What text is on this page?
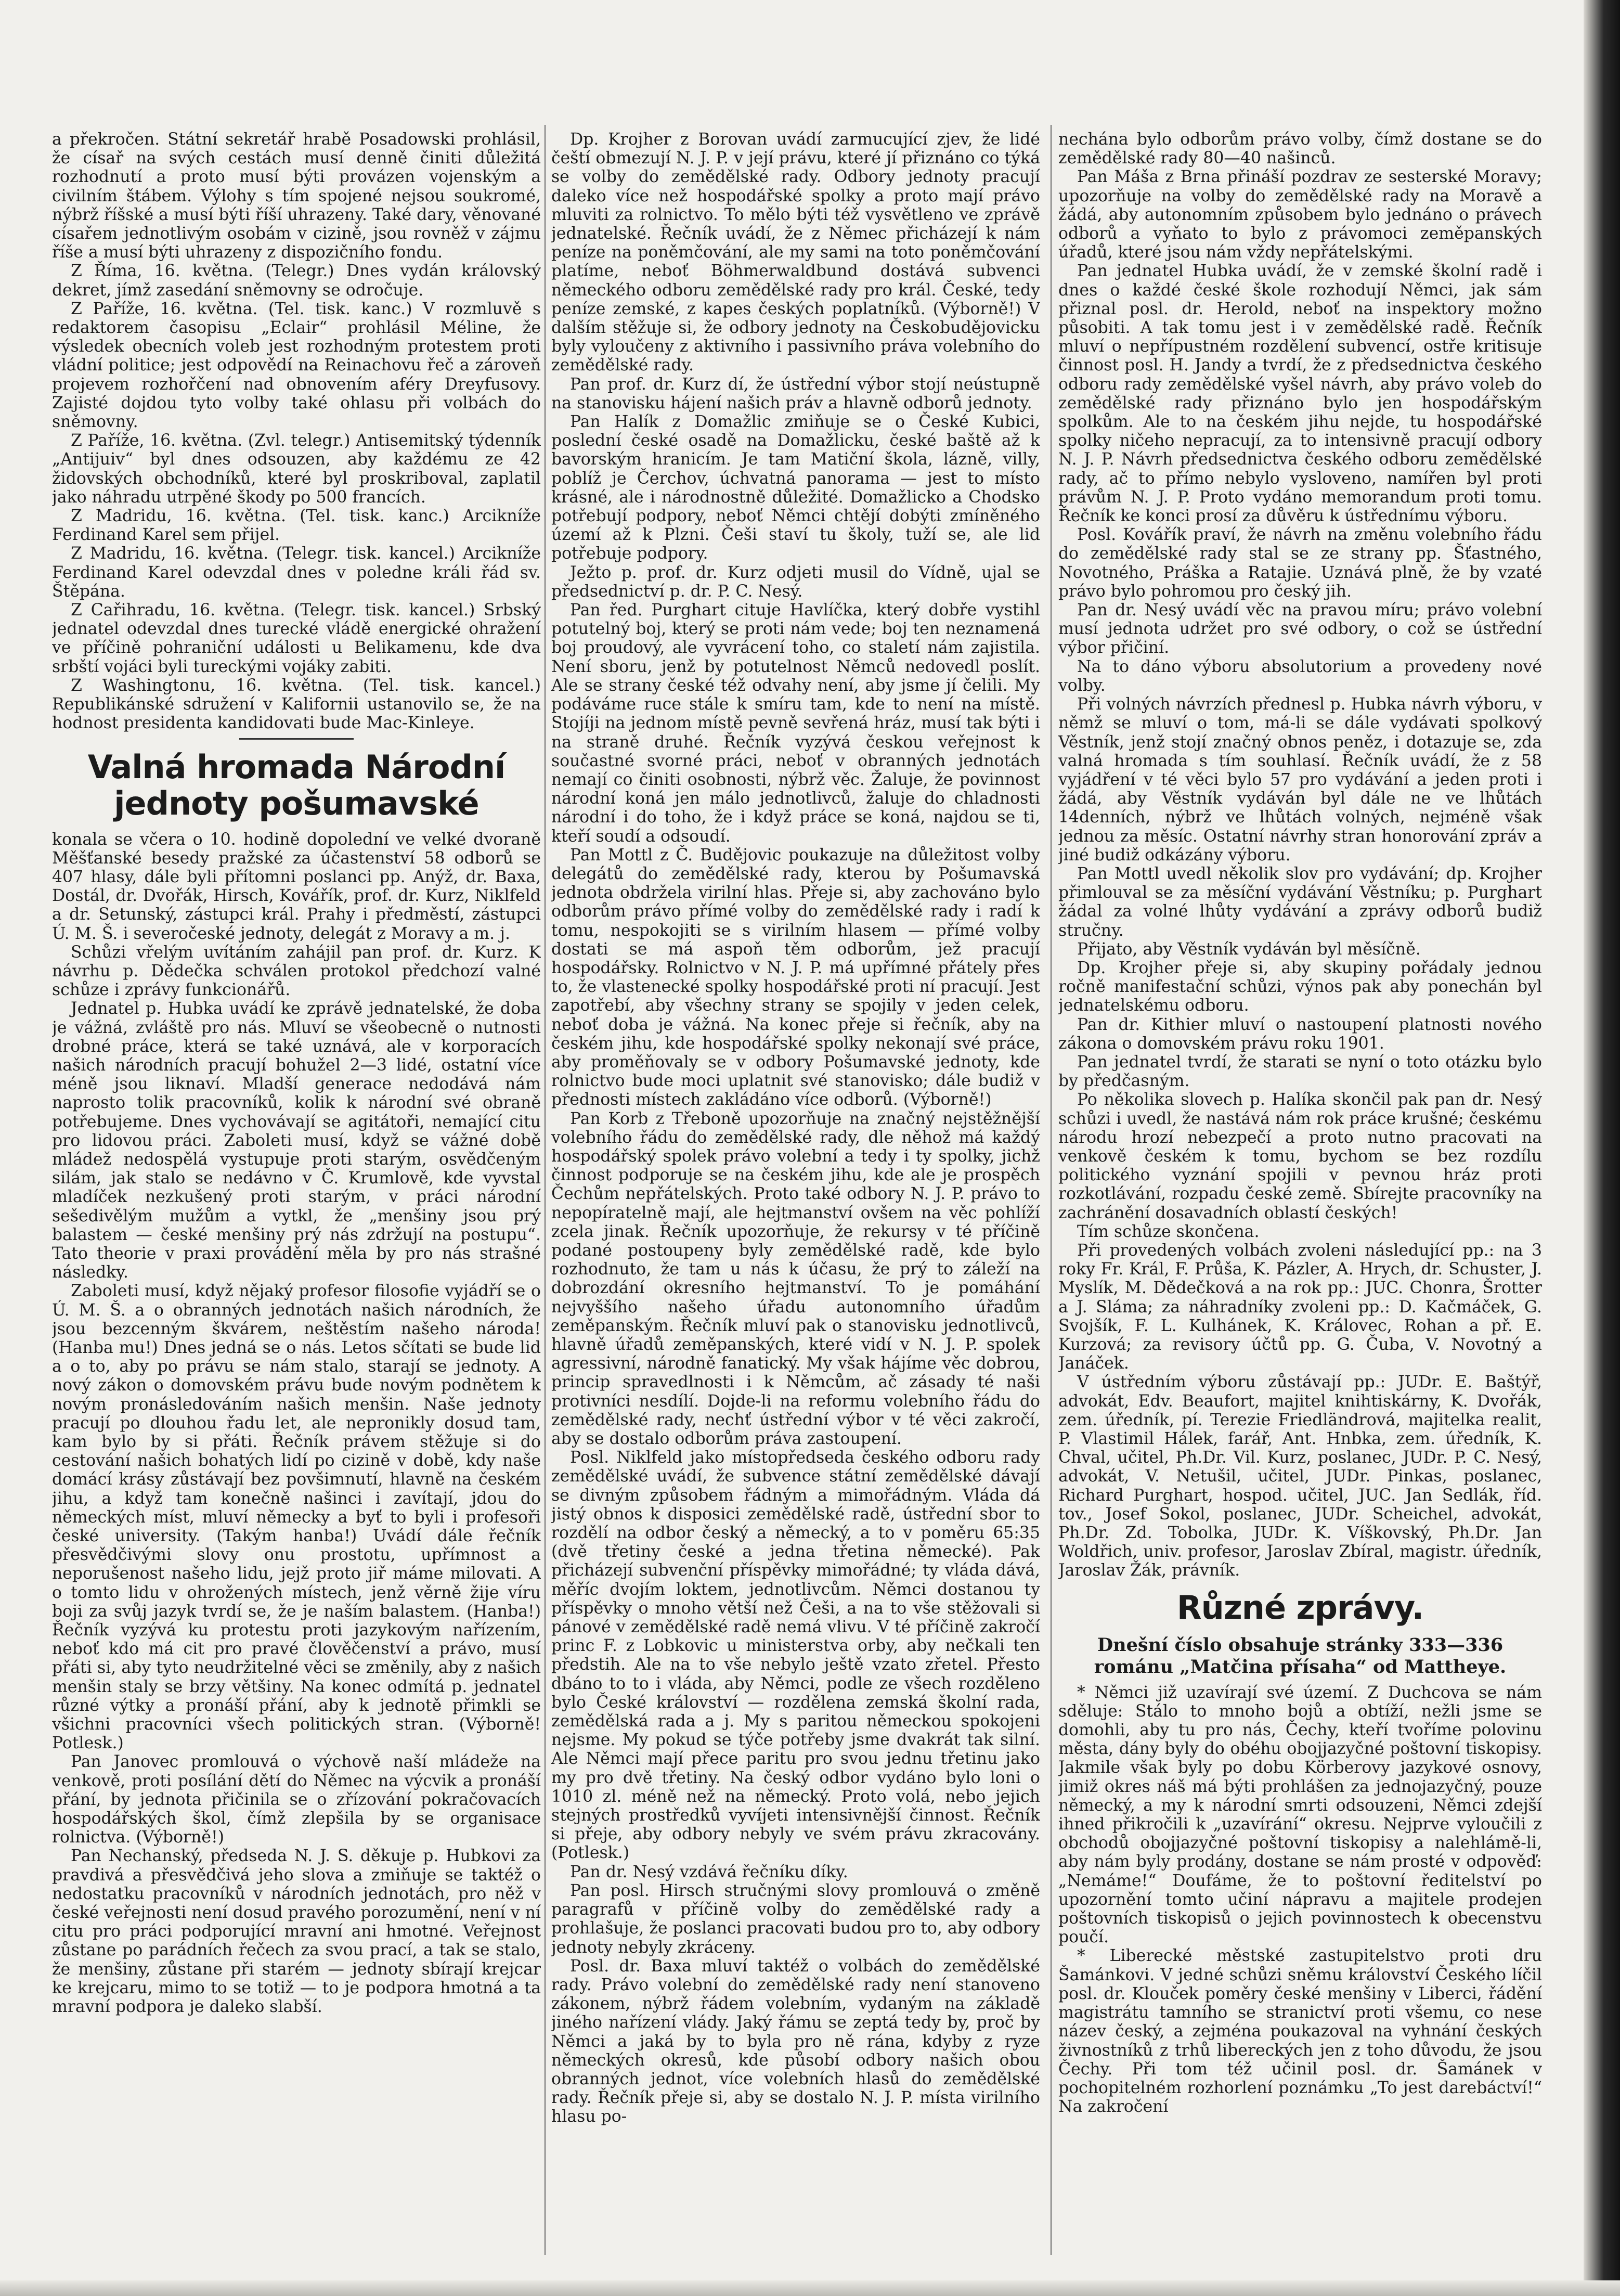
a překročen. Státní sekretář hrabě Posadowski prohlásil, že císař na svých cestách musí denně činiti důležitá rozhodnutí a proto musí býti provázen vojenským a civilním štábem. Výlohy s tím spojené nejsou soukromé, nýbrž říšské a musí býti říší uhrazeny. Také dary, věnované císařem jednotlivým osobám v cizině, jsou rovněž v zájmu říše a musí býti uhrazeny z dispozičního fondu.

Z Říma, 16. května. (Telegr.) Dnes vydán královský dekret, jímž zasedání sněmovny se odročuje.

Z Paříže, 16. května. (Tel. tisk. kanc.) V rozmluvě s redaktorem časopisu „Eclair“ prohlásil Méline, že výsledek obecních voleb jest rozhodným protestem proti vládní politice; jest odpovědí na Reinachovu řeč a zároveň projevem rozhořčení nad obnovením aféry Dreyfusovy. Zajisté dojdou tyto volby také ohlasu při volbách do sněmovny.

Z Paříže, 16. května. (Zvl. telegr.) Antisemitský týdenník „Antijuiv“ byl dnes odsouzen, aby každému ze 42 židovských obchodníků, které byl proskriboval, zaplatil jako náhradu utrpěné škody po 500 francích.

Z Madridu, 16. května. (Tel. tisk. kanc.) Arcikníže Ferdinand Karel sem přijel.

Z Madridu, 16. května. (Telegr. tisk. kancel.) Arcikníže Ferdinand Karel odevzdal dnes v poledne králi řád sv. Štěpána.

Z Cařihradu, 16. května. (Telegr. tisk. kancel.) Srbský jednatel odevzdal dnes turecké vládě energické ohražení ve příčině pohraniční události u Belikamenu, kde dva srbští vojáci byli tureckými vojáky zabiti.

Z Washingtonu, 16. května. (Tel. tisk. kancel.) Republikánské sdružení v Kalifornii ustanovilo se, že na hodnost presidenta kandidovati bude Mac-Kinleye.

Valná hromada Národní jednoty pošumavské

konala se včera o 10. hodině dopolední ve velké dvoraně Měšťanské besedy pražské za účastenství 58 odborů se 407 hlasy, dále byli přítomni poslanci pp. Anýž, dr. Baxa, Dostál, dr. Dvořák, Hirsch, Kovářík, prof. dr. Kurz, Niklfeld a dr. Setunský, zástupci král. Prahy i předměstí, zástupci Ú. M. Š. i severočeské jednoty, delegát z Moravy a m. j.

Schůzi vřelým uvítáním zahájil pan prof. dr. Kurz. K návrhu p. Dědečka schválen protokol předchozí valné schůze i zprávy funkcionářů.

Jednatel p. Hubka uvádí ke zprávě jednatelské, že doba je vážná, zvláště pro nás. Mluví se všeobecně o nutnosti drobné práce, která se také uznává, ale v korporacích našich národních pracují bohužel 2—3 lidé, ostatní více méně jsou liknaví. Mladší generace nedodává nám naprosto tolik pracovníků, kolik k národní své obraně potřebujeme. Dnes vychovávají se agitátoři, nemající citu pro lidovou práci. Zaboleti musí, když se vážné době mládež nedospělá vystupuje proti starým, osvědčeným silám, jak stalo se nedávno v Č. Krumlově, kde vyvstal mladíček nezkušený proti starým, v práci národní sešedivělým mužům a vytkl, že „menšiny jsou prý balastem — české menšiny prý nás zdržují na postupu“. Tato theorie v praxi provádění měla by pro nás strašné následky.

Zaboleti musí, když nějaký profesor filosofie vyjádří se o Ú. M. Š. a o obranných jednotách našich národních, že jsou bezcenným škvárem, neštěstím našeho národa! (Hanba mu!) Dnes jedná se o nás. Letos sčítati se bude lid a o to, aby po právu se nám stalo, starají se jednoty. A nový zákon o domovském právu bude novým podnětem k novým pronásledováním našich menšin. Naše jednoty pracují po dlouhou řadu let, ale nepronikly dosud tam, kam bylo by si přáti. Řečník právem stěžuje si do cestování našich bohatých lidí po cizině v době, kdy naše domácí krásy zůstávají bez povšimnutí, hlavně na českém jihu, a když tam konečně našinci i zavítají, jdou do německých míst, mluví německy a byť to byli i profesoři české university. (Takým hanba!) Uvádí dále řečník přesvědčivými slovy onu prostotu, upřímnost a neporušenost našeho lidu, jejž proto jiř máme milovati. A o tomto lidu v ohrožených místech, jenž věrně žije víru boji za svůj jazyk tvrdí se, že je naším balastem. (Hanba!) Řečník vyzývá ku protestu proti jazykovým nařízením, neboť kdo má cit pro pravé člověčenství a právo, musí přáti si, aby tyto neudržitelné věci se změnily, aby z našich menšin staly se brzy většiny. Na konec odmítá p. jednatel různé výtky a pronáší přání, aby k jednotě přimkli se všichni pracovníci všech politických stran. (Výborně! Potlesk.)

Pan Janovec promlouvá o výchově naší mládeže na venkově, proti posílání dětí do Němec na výcvik a pronáší přání, by jednota přičinila se o zřízování pokračovacích hospodářských škol, čímž zlepšila by se organisace rolnictva. (Výborně!)

Pan Nechanský, předseda N. J. S. děkuje p. Hubkovi za pravdivá a přesvědčivá jeho slova a zmiňuje se taktéž o nedostatku pracovníků v národních jednotách, pro něž v české veřejnosti není dosud pravého porozumění, není v ní citu pro práci podporující mravní ani hmotné. Veřejnost zůstane po parádních řečech za svou prací, a tak se stalo, že menšiny, zůstane při starém — jednoty sbírají krejcar ke krejcaru, mimo to se totiž — to je podpora hmotná a ta mravní podpora je daleko slabší.

Dp. Krojher z Borovan uvádí zarmucující zjev, že lidé čeští obmezují N. J. P. v její právu, které jí přiznáno co týká se volby do zemědělské rady. Odbory jednoty pracují daleko více než hospodářské spolky a proto mají právo mluviti za rolnictvo. To mělo býti též vysvětleno ve zprávě jednatelské. Řečník uvádí, že z Němec přicházejí k nám peníze na poněmčování, ale my sami na toto poněmčování platíme, neboť Böhmerwaldbund dostává subvenci německého odboru zemědělské rady pro král. České, tedy peníze zemské, z kapes českých poplatníků. (Výborně!) V dalším stěžuje si, že odbory jednoty na Českobudějovicku byly vyloučeny z aktivního i passivního práva volebního do zemědělské rady.

Pan prof. dr. Kurz dí, že ústřední výbor stojí neústupně na stanovisku hájení našich práv a hlavně odborů jednoty.

Pan Halík z Domažlic zmiňuje se o České Kubici, poslední české osadě na Domažlicku, české baště až k bavorským hranicím. Je tam Matiční škola, lázně, villy, poblíž je Čerchov, úchvatná panorama — jest to místo krásné, ale i národnostně důležité. Domažlicko a Chodsko potřebují podpory, neboť Němci chtějí dobýti zmíněného území až k Plzni. Češi staví tu školy, tuží se, ale lid potřebuje podpory.

Ježto p. prof. dr. Kurz odjeti musil do Vídně, ujal se předsednictví p. dr. P. C. Nesý.

Pan řed. Purghart cituje Havlíčka, který dobře vystihl potutelný boj, který se proti nám vede; boj ten neznamená boj proudový, ale vyvrácení toho, co staletí nám zajistila. Není sboru, jenž by potutelnost Němců nedovedl poslít. Ale se strany české též odvahy není, aby jsme jí čelili. My podáváme ruce stále k smíru tam, kde to není na místě. Stojíji na jednom místě pevně sevřená hráz, musí tak býti i na straně druhé. Řečník vyzývá českou veřejnost k součastné svorné práci, neboť v obranných jednotách nemají co činiti osobnosti, nýbrž věc. Žaluje, že povinnost národní koná jen málo jednotlivců, žaluje do chladnosti národní i do toho, že i když práce se koná, najdou se ti, kteří soudí a odsoudí.

Pan Mottl z Č. Budějovic poukazuje na důležitost volby delegátů do zemědělské rady, kterou by Pošumavská jednota obdržela virilní hlas. Přeje si, aby zachováno bylo odborům právo přímé volby do zemědělské rady i radí k tomu, nespokojiti se s virilním hlasem — přímé volby dostati se má aspoň těm odborům, jež pracují hospodářsky. Rolnictvo v N. J. P. má upřímné přátely přes to, že vlastenecké spolky hospodářské proti ní pracují. Jest zapotřebí, aby všechny strany se spojily v jeden celek, neboť doba je vážná. Na konec přeje si řečník, aby na českém jihu, kde hospodářské spolky nekonají své práce, aby proměňovaly se v odbory Pošumavské jednoty, kde rolnictvo bude moci uplatnit své stanovisko; dále budiž v přednosti místech zakládáno více odborů. (Výborně!)

Pan Korb z Třeboně upozorňuje na značný nejstěžnější volebního řádu do zemědělské rady, dle něhož má každý hospodářský spolek právo volební a tedy i ty spolky, jichž činnost podporuje se na českém jihu, kde ale je prospěch Čechům nepřátelských. Proto také odbory N. J. P. právo to nepopíratelně mají, ale hejtmanství ovšem na věc pohlíží zcela jinak. Řečník upozorňuje, že rekursy v té příčině podané postoupeny byly zemědělské radě, kde bylo rozhodnuto, že tam u nás k účasu, že prý to záleží na dobrozdání okresního hejtmanství. To je pomáhání nejvyššího našeho úřadu autonomního úřadům zeměpanským. Řečník mluví pak o stanovisku jednotlivců, hlavně úřadů zeměpanských, které vidí v N. J. P. spolek agressivní, národně fanatický. My však hájíme věc dobrou, princip spravedlnosti i k Němcům, ač zásady té naši protivníci nesdílí. Dojde-li na reformu volebního řádu do zemědělské rady, nechť ústřední výbor v té věci zakročí, aby se dostalo odborům práva zastoupení.

Posl. Niklfeld jako místopředseda českého odboru rady zemědělské uvádí, že subvence státní zemědělské dávají se divným způsobem řádným a mimořádným. Vláda dá jistý obnos k disposici zemědělské radě, ústřední sbor to rozdělí na odbor český a německý, a to v poměru 65:35 (dvě třetiny české a jedna třetina německé). Pak přicházejí subvenční příspěvky mimořádné; ty vláda dává, měříc dvojím loktem, jednotlivcům. Němci dostanou ty příspěvky o mnoho větší než Češi, a na to vše stěžovali si pánové v zemědělské radě nemá vlivu. V té příčině zakročí princ F. z Lobkovic u ministerstva orby, aby nečkali ten předstih. Ale na to vše nebylo ještě vzato zřetel. Přesto dbáno to to i vláda, aby Němci, podle ze všech rozděleno bylo České království — rozdělena zemská školní rada, zemědělská rada a j. My s paritou německou spokojeni nejsme. My pokud se týče potřeby jsme dvakrát tak silní. Ale Němci mají přece paritu pro svou jednu třetinu jako my pro dvě třetiny. Na český odbor vydáno bylo loni o 1010 zl. méně než na německý. Proto volá, nebo jejich stejných prostředků vyvíjeti intensivnější činnost. Řečník si přeje, aby odbory nebyly ve svém právu zkracovány. (Potlesk.)

Pan dr. Nesý vzdává řečníku díky.

Pan posl. Hirsch stručnými slovy promlouvá o změně paragrafů v příčině volby do zemědělské rady a prohlašuje, že poslanci pracovati budou pro to, aby odbory jednoty nebyly zkráceny.

Posl. dr. Baxa mluví taktéž o volbách do zemědělské rady. Právo volební do zemědělské rady není stanoveno zákonem, nýbrž řádem volebním, vydaným na základě jiného nařízení vlády. Jaký řámu se zeptá tedy by, proč by Němci a jaká by to byla pro ně rána, kdyby z ryze německých okresů, kde působí odbory našich obou obranných jednot, více volebních hlasů do zemědělské rady. Řečník přeje si, aby se dostalo N. J. P. místa virilního hlasu po-

nechána bylo odborům právo volby, čímž dostane se do zemědělské rady 80—40 našinců.

Pan Máša z Brna přináší pozdrav ze sesterské Moravy; upozorňuje na volby do zemědělské rady na Moravě a žádá, aby autonomním způsobem bylo jednáno o právech odborů a vyňato to bylo z právomoci zeměpanských úřadů, které jsou nám vždy nepřátelskými.

Pan jednatel Hubka uvádí, že v zemské školní radě i dnes o každé české škole rozhodují Němci, jak sám přiznal posl. dr. Herold, neboť na inspektory možno působiti. A tak tomu jest i v zemědělské radě. Řečník mluví o nepřípustném rozdělení subvencí, ostře kritisuje činnost posl. H. Jandy a tvrdí, že z předsednictva českého odboru rady zemědělské vyšel návrh, aby právo voleb do zemědělské rady přiznáno bylo jen hospodářským spolkům. Ale to na českém jihu nejde, tu hospodářské spolky ničeho nepracují, za to intensivně pracují odbory N. J. P. Návrh předsednictva českého odboru zemědělské rady, ač to přímo nebylo vysloveno, namířen byl proti právům N. J. P. Proto vydáno memorandum proti tomu. Řečník ke konci prosí za důvěru k ústřednímu výboru.

Posl. Kovářík praví, že návrh na změnu volebního řádu do zemědělské rady stal se ze strany pp. Šťastného, Novotného, Práška a Ratajie. Uznává plně, že by vzaté právo bylo pohromou pro český jih.

Pan dr. Nesý uvádí věc na pravou míru; právo volební musí jednota udržet pro své odbory, o což se ústřední výbor přičiní.

Na to dáno výboru absolutorium a provedeny nové volby.

Při volných návrzích přednesl p. Hubka návrh výboru, v němž se mluví o tom, má-li se dále vydávati spolkový Věstník, jenž stojí značný obnos peněz, i dotazuje se, zda valná hromada s tím souhlasí. Řečník uvádí, že z 58 vyjádření v té věci bylo 57 pro vydávání a jeden proti i žádá, aby Věstník vydáván byl dále ne ve lhůtách 14denních, nýbrž ve lhůtách volných, nejméně však jednou za měsíc. Ostatní návrhy stran honorování zpráv a jiné budiž odkázány výboru.

Pan Mottl uvedl několik slov pro vydávání; dp. Krojher přimlouval se za měsíční vydávání Věstníku; p. Purghart žádal za volné lhůty vydávání a zprávy odborů budiž stručny.

Přijato, aby Věstník vydáván byl měsíčně.

Dp. Krojher přeje si, aby skupiny pořádaly jednou ročně manifestační schůzi, výnos pak aby ponechán byl jednatelskému odboru.

Pan dr. Kithier mluví o nastoupení platnosti nového zákona o domovském právu roku 1901.

Pan jednatel tvrdí, že starati se nyní o toto otázku bylo by předčasným.

Po několika slovech p. Halíka skončil pak pan dr. Nesý schůzi i uvedl, že nastává nám rok práce krušné; českému národu hrozí nebezpečí a proto nutno pracovati na venkově českém k tomu, bychom se bez rozdílu politického vyznání spojili v pevnou hráz proti rozkotlávání, rozpadu české země. Sbírejte pracovníky na zachránění dosavadních oblastí českých!

Tím schůze skončena.

Při provedených volbách zvoleni následující pp.: na 3 roky Fr. Král, F. Průša, K. Pázler, A. Hrych, dr. Schuster, J. Myslík, M. Dědečková a na rok pp.: JUC. Chonra, Šrotter a J. Sláma; za náhradníky zvoleni pp.: D. Kačmáček, G. Svojšík, F. L. Kulhánek, K. Královec, Rohan a př. E. Kurzová; za revisory účtů pp. G. Čuba, V. Novotný a Janáček.

V ústředním výboru zůstávají pp.: JUDr. E. Baštýř, advokát, Edv. Beaufort, majitel knihtiskárny, K. Dvořák, zem. úředník, pí. Terezie Friedländrová, majitelka realit, P. Vlastimil Hálek, farář, Ant. Hnbka, zem. úředník, K. Chval, učitel, Ph.Dr. Vil. Kurz, poslanec, JUDr. P. C. Nesý, advokát, V. Netušil, učitel, JUDr. Pinkas, poslanec, Richard Purghart, hospod. učitel, JUC. Jan Sedlák, říd. tov., Josef Sokol, poslanec, JUDr. Scheichel, advokát, Ph.Dr. Zd. Tobolka, JUDr. K. Víškovský, Ph.Dr. Jan Woldřich, univ. profesor, Jaroslav Zbíral, magistr. úředník, Jaroslav Žák, právník.

Různé zprávy.
Dnešní číslo obsahuje stránky 333—336 románu „Matčina přísaha“ od Mattheye.

* Němci již uzavírají své území. Z Duchcova se nám sděluje: Stálo to mnoho bojů a obtíží, nežli jsme se domohli, aby tu pro nás, Čechy, kteří tvoříme polovinu města, dány byly do obéhu obojjazyčné poštovní tiskopisy. Jakmile však byly po dobu Körberovy jazykové osnovy, jimiž okres náš má býti prohlášen za jednojazyčný, pouze německý, a my k národní smrti odsouzeni, Němci zdejší ihned přikročili k „uzavírání“ okresu. Nejprve vyloučili z obchodů obojjazyčné poštovní tiskopisy a nalehlámě-li, aby nám byly prodány, dostane se nám prosté v odpověď: „Nemáme!“ Doufáme, že to poštovní ředitelství po upozornění tomto učiní nápravu a majitele prodejen poštovních tiskopisů o jejich povinnostech k obecenstvu poučí.

* Liberecké městské zastupitelstvo proti dru Šamánkovi. V jedné schůzi sněmu království Českého líčil posl. dr. Klouček poměry české menšiny v Liberci, řádění magistrátu tamního se stranictví proti všemu, co nese název český, a zejména poukazoval na vyhnání českých živnostníků z trhů libereckých jen z toho důvodu, že jsou Čechy. Při tom též učinil posl. dr. Šamánek v pochopitelném rozhorlení poznámku „To jest darebáctví!“ Na zakročení
